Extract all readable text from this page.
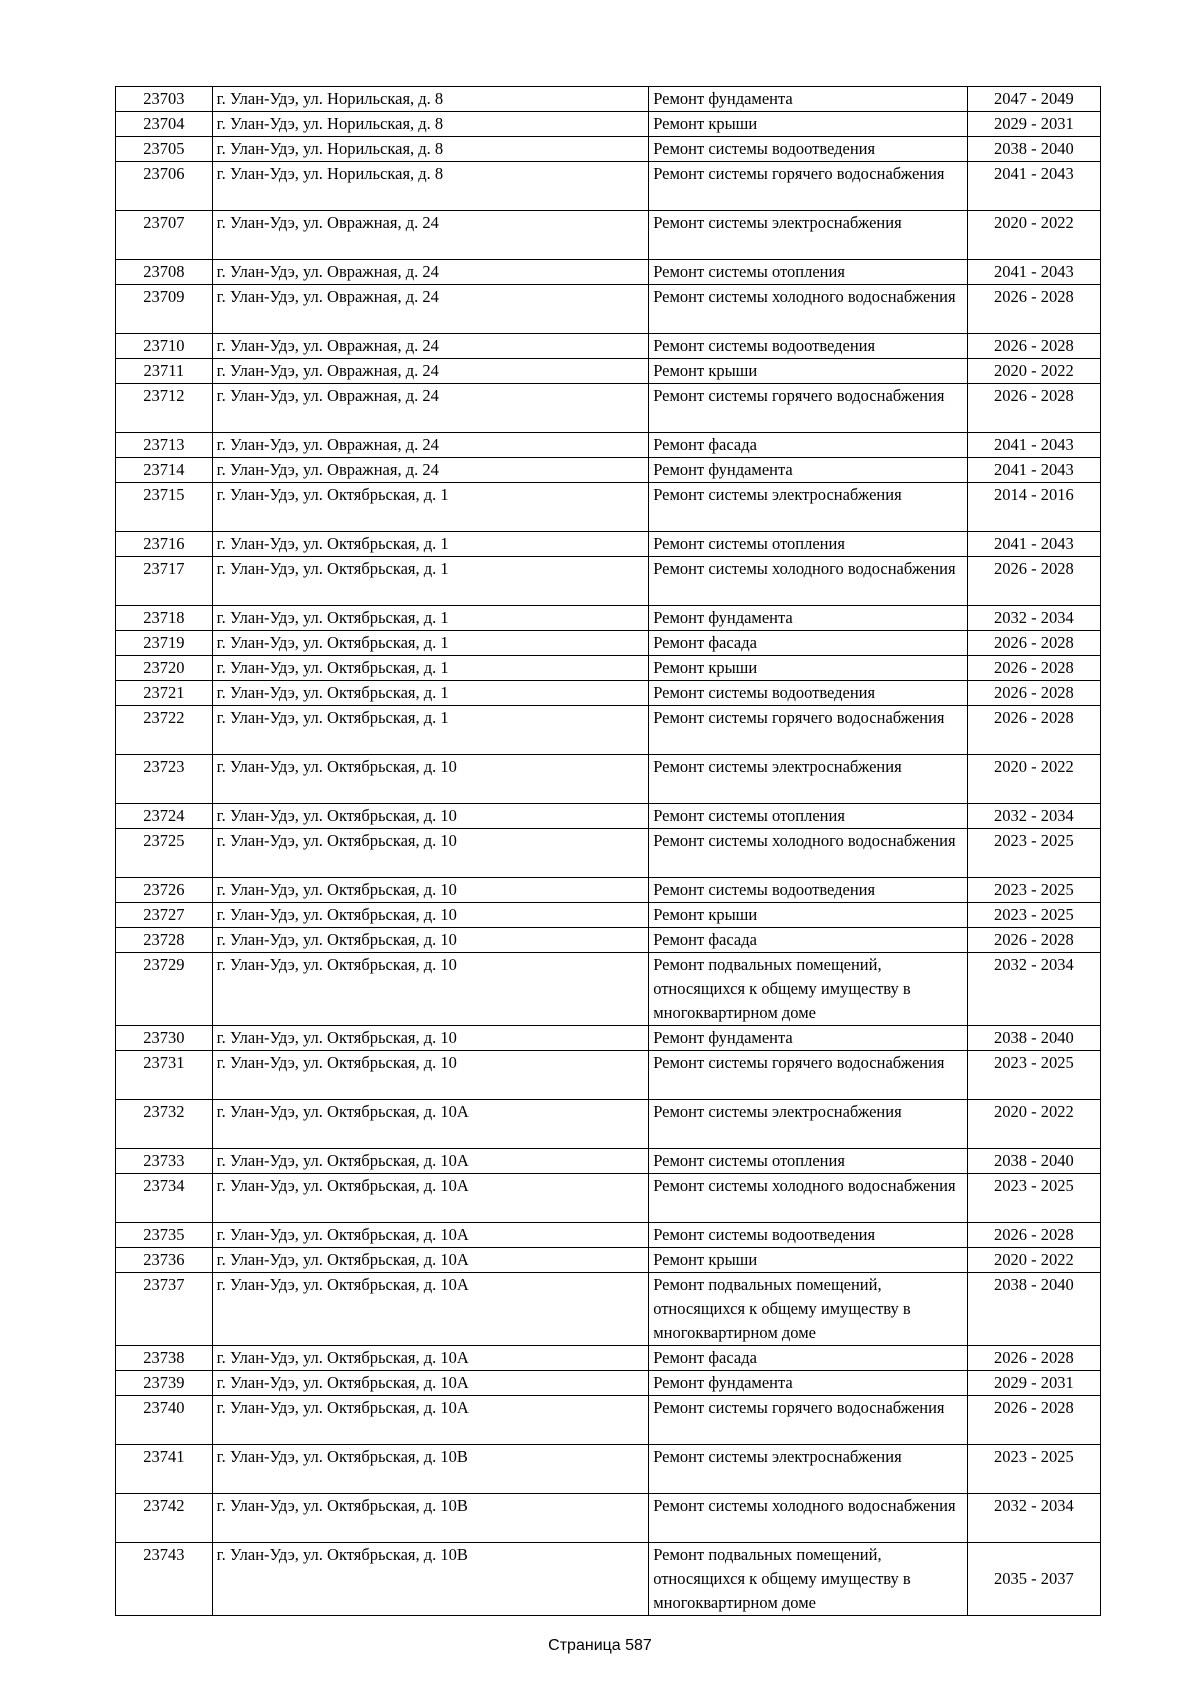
23703	г. Улан-Удэ, ул. Норильская, д. 8	Ремонт фундамента	2047 - 2049
23704	г. Улан-Удэ, ул. Норильская, д. 8	Ремонт крыши	2029 - 2031
23705	г. Улан-Удэ, ул. Норильская, д. 8	Ремонт системы водоотведения	2038 - 2040
23706	г. Улан-Удэ, ул. Норильская, д. 8	Ремонт системы горячего водоснабжения	2041 - 2043
23707	г. Улан-Удэ, ул. Овражная, д. 24	Ремонт системы электроснабжения	2020 - 2022
23708	г. Улан-Удэ, ул. Овражная, д. 24	Ремонт системы отопления	2041 - 2043
23709	г. Улан-Удэ, ул. Овражная, д. 24	Ремонт системы холодного водоснабжения	2026 - 2028
23710	г. Улан-Удэ, ул. Овражная, д. 24	Ремонт системы водоотведения	2026 - 2028
23711	г. Улан-Удэ, ул. Овражная, д. 24	Ремонт крыши	2020 - 2022
23712	г. Улан-Удэ, ул. Овражная, д. 24	Ремонт системы горячего водоснабжения	2026 - 2028
23713	г. Улан-Удэ, ул. Овражная, д. 24	Ремонт фасада	2041 - 2043
23714	г. Улан-Удэ, ул. Овражная, д. 24	Ремонт фундамента	2041 - 2043
23715	г. Улан-Удэ, ул. Октябрьская, д. 1	Ремонт системы электроснабжения	2014 - 2016
23716	г. Улан-Удэ, ул. Октябрьская, д. 1	Ремонт системы отопления	2041 - 2043
23717	г. Улан-Удэ, ул. Октябрьская, д. 1	Ремонт системы холодного водоснабжения	2026 - 2028
23718	г. Улан-Удэ, ул. Октябрьская, д. 1	Ремонт фундамента	2032 - 2034
23719	г. Улан-Удэ, ул. Октябрьская, д. 1	Ремонт фасада	2026 - 2028
23720	г. Улан-Удэ, ул. Октябрьская, д. 1	Ремонт крыши	2026 - 2028
23721	г. Улан-Удэ, ул. Октябрьская, д. 1	Ремонт системы водоотведения	2026 - 2028
23722	г. Улан-Удэ, ул. Октябрьская, д. 1	Ремонт системы горячего водоснабжения	2026 - 2028
23723	г. Улан-Удэ, ул. Октябрьская, д. 10	Ремонт системы электроснабжения	2020 - 2022
23724	г. Улан-Удэ, ул. Октябрьская, д. 10	Ремонт системы отопления	2032 - 2034
23725	г. Улан-Удэ, ул. Октябрьская, д. 10	Ремонт системы холодного водоснабжения	2023 - 2025
23726	г. Улан-Удэ, ул. Октябрьская, д. 10	Ремонт системы водоотведения	2023 - 2025
23727	г. Улан-Удэ, ул. Октябрьская, д. 10	Ремонт крыши	2023 - 2025
23728	г. Улан-Удэ, ул. Октябрьская, д. 10	Ремонт фасада	2026 - 2028
23729	г. Улан-Удэ, ул. Октябрьская, д. 10	Ремонт подвальных помещений, относящихся к общему имуществу в многоквартирном доме	2032 - 2034
23730	г. Улан-Удэ, ул. Октябрьская, д. 10	Ремонт фундамента	2038 - 2040
23731	г. Улан-Удэ, ул. Октябрьская, д. 10	Ремонт системы горячего водоснабжения	2023 - 2025
23732	г. Улан-Удэ, ул. Октябрьская, д. 10А	Ремонт системы электроснабжения	2020 - 2022
23733	г. Улан-Удэ, ул. Октябрьская, д. 10А	Ремонт системы отопления	2038 - 2040
23734	г. Улан-Удэ, ул. Октябрьская, д. 10А	Ремонт системы холодного водоснабжения	2023 - 2025
23735	г. Улан-Удэ, ул. Октябрьская, д. 10А	Ремонт системы водоотведения	2026 - 2028
23736	г. Улан-Удэ, ул. Октябрьская, д. 10А	Ремонт крыши	2020 - 2022
23737	г. Улан-Удэ, ул. Октябрьская, д. 10А	Ремонт подвальных помещений, относящихся к общему имуществу в многоквартирном доме	2038 - 2040
23738	г. Улан-Удэ, ул. Октябрьская, д. 10А	Ремонт фасада	2026 - 2028
23739	г. Улан-Удэ, ул. Октябрьская, д. 10А	Ремонт фундамента	2029 - 2031
23740	г. Улан-Удэ, ул. Октябрьская, д. 10А	Ремонт системы горячего водоснабжения	2026 - 2028
23741	г. Улан-Удэ, ул. Октябрьская, д. 10В	Ремонт системы электроснабжения	2023 - 2025
23742	г. Улан-Удэ, ул. Октябрьская, д. 10В	Ремонт системы холодного водоснабжения	2032 - 2034
23743	г. Улан-Удэ, ул. Октябрьская, д. 10В	Ремонт подвальных помещений, относящихся к общему имуществу в многоквартирном доме	2035 - 2037
Страница 587
